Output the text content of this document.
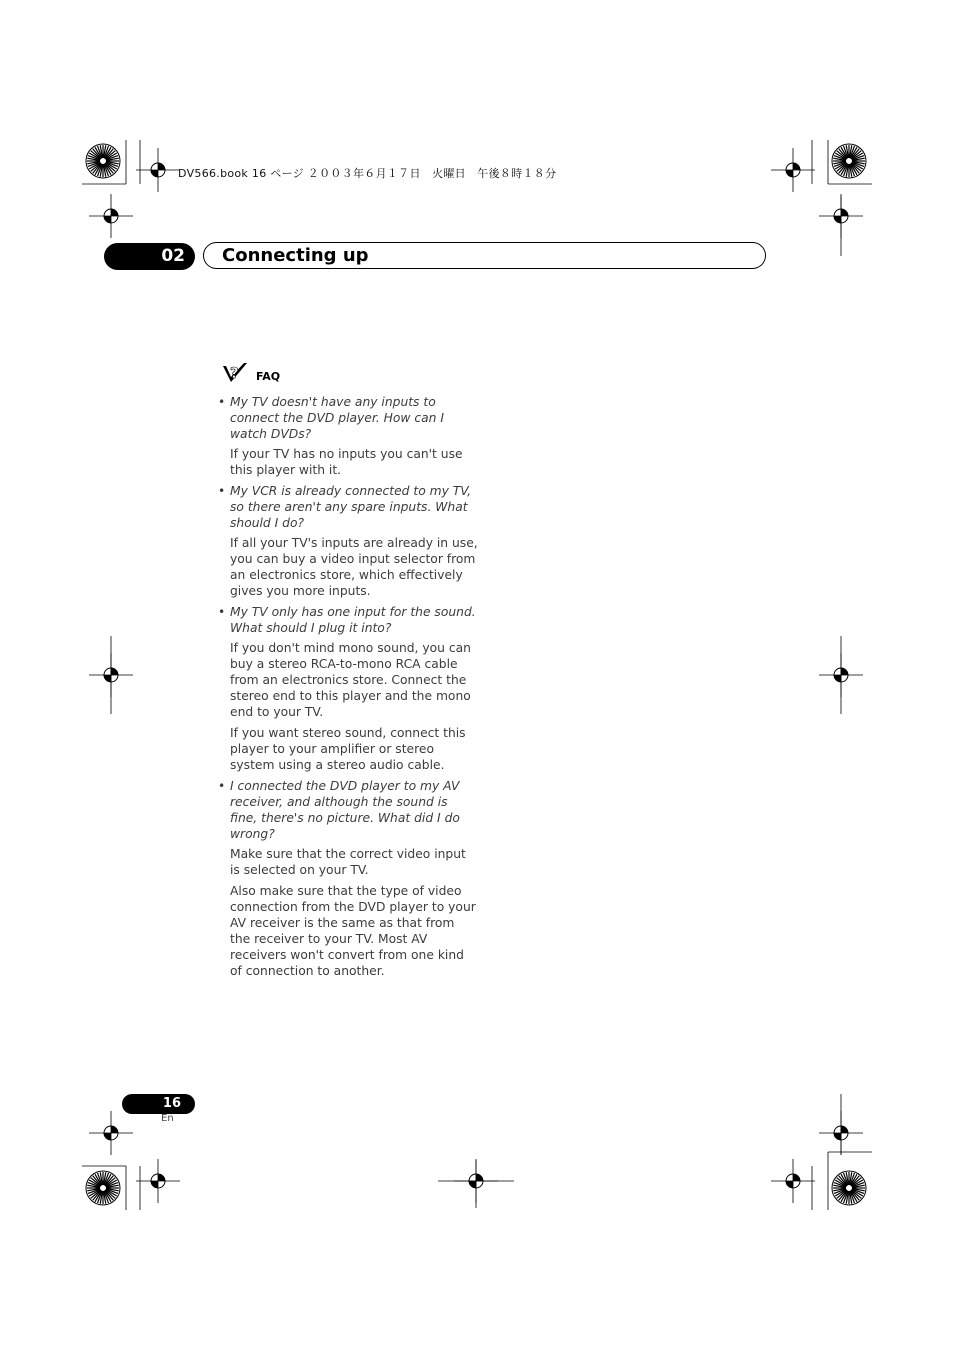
DV566.book 16 ページ ２００３年６月１７日　火曜日　午後８時１８分
02	Connecting up
? FAQ
• My TV doesn't have any inputs to connect the DVD player. How can I watch DVDs?

If your TV has no inputs you can't use this player with it.

• My VCR is already connected to my TV, so there aren't any spare inputs. What should I do?

If all your TV's inputs are already in use, you can buy a video input selector from an electronics store, which effectively gives you more inputs.

• My TV only has one input for the sound. What should I plug it into?

If you don't mind mono sound, you can buy a stereo RCA-to-mono RCA cable from an electronics store. Connect the stereo end to this player and the mono end to your TV.

If you want stereo sound, connect this player to your amplifier or stereo system using a stereo audio cable.

• I connected the DVD player to my AV receiver, and although the sound is fine, there's no picture. What did I do wrong?

Make sure that the correct video input is selected on your TV.

Also make sure that the type of video connection from the DVD player to your AV receiver is the same as that from the receiver to your TV. Most AV receivers won't convert from one kind of connection to another.

16
En
